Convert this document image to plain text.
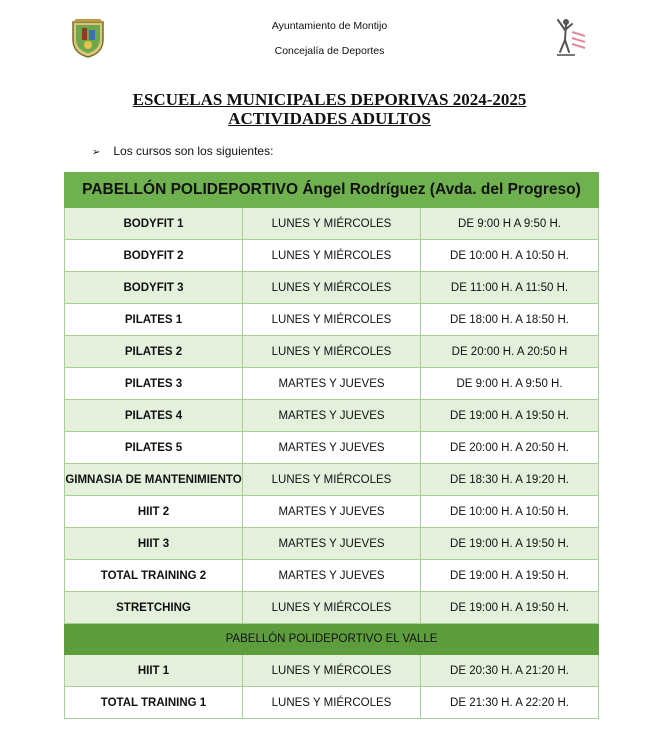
Ayuntamiento de Montijo
Concejalía de Deportes
ESCUELAS MUNICIPALES DEPORIVAS 2024-2025
ACTIVIDADES ADULTOS
➢ Los cursos son los siguientes:
PABELLÓN POLIDEPORTIVO Ángel Rodríguez (Avda. del Progreso)		
BODYFIT 1	LUNES Y MIÉRCOLES	DE 9:00 H A 9:50 H.
BODYFIT 2	LUNES Y MIÉRCOLES	DE 10:00 H. A 10:50 H.
BODYFIT 3	LUNES Y MIÉRCOLES	DE 11:00 H. A 11:50 H.
PILATES 1	LUNES Y MIÉRCOLES	DE 18:00 H. A 18:50 H.
PILATES 2	LUNES Y MIÉRCOLES	DE 20:00 H. A 20:50 H
PILATES 3	MARTES Y JUEVES	DE 9:00 H. A 9:50 H.
PILATES 4	MARTES Y JUEVES	DE 19:00 H. A 19:50 H.
PILATES 5	MARTES Y JUEVES	DE 20:00 H. A 20:50 H.
GIMNASIA DE MANTENIMIENTO	LUNES Y MIÉRCOLES	DE 18:30 H. A 19:20 H.
HIIT 2	MARTES Y JUEVES	DE 10:00 H. A 10:50 H.
HIIT 3	MARTES Y JUEVES	DE 19:00 H. A 19:50 H.
TOTAL TRAINING 2	MARTES Y JUEVES	DE 19:00 H. A 19:50 H.
STRETCHING	LUNES Y MIÉRCOLES	DE 19:00 H. A 19:50 H.
PABELLÓN POLIDEPORTIVO EL VALLE		
HIIT 1	LUNES Y MIÉRCOLES	DE 20:30 H. A 21:20 H.
TOTAL TRAINING 1	LUNES Y MIÉRCOLES	DE 21:30 H. A 22:20 H.
